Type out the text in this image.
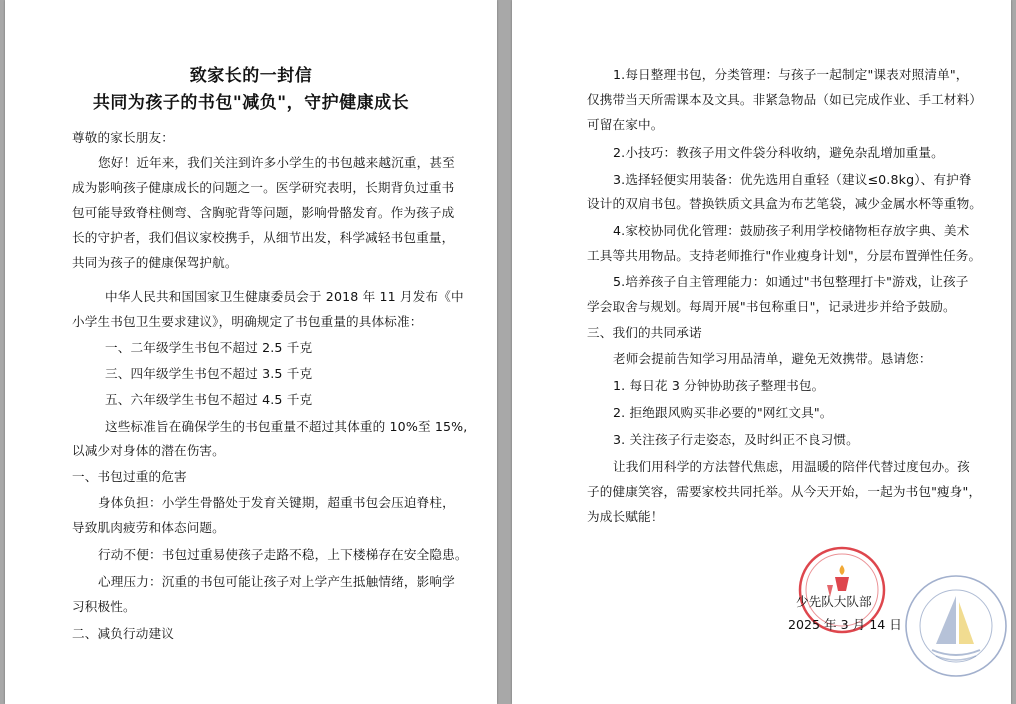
致家长的一封信
共同为孩子的书包"减负"，守护健康成长
尊敬的家长朋友：
您好！近年来，我们关注到许多小学生的书包越来越沉重，甚至
成为影响孩子健康成长的问题之一。医学研究表明，长期背负过重书
包可能导致脊柱侧弯、含胸驼背等问题，影响骨骼发育。作为孩子成
长的守护者，我们倡议家校携手，从细节出发，科学减轻书包重量，
共同为孩子的健康保驾护航。
中华人民共和国国家卫生健康委员会于 2018 年 11 月发布《中
小学生书包卫生要求建议》，明确规定了书包重量的具体标准：
一、二年级学生书包不超过 2.5 千克
三、四年级学生书包不超过 3.5 千克
五、六年级学生书包不超过 4.5 千克
这些标准旨在确保学生的书包重量不超过其体重的 10%至 15%,
以减少对身体的潜在伤害。
一、书包过重的危害
身体负担：小学生骨骼处于发育关键期，超重书包会压迫脊柱，
导致肌肉疲劳和体态问题。
行动不便：书包过重易使孩子走路不稳，上下楼梯存在安全隐患。
心理压力：沉重的书包可能让孩子对上学产生抵触情绪，影响学
习积极性。
二、减负行动建议
1.每日整理书包，分类管理：与孩子一起制定"课表对照清单"，
仅携带当天所需课本及文具。非紧急物品（如已完成作业、手工材料）
可留在家中。
2.小技巧：教孩子用文件袋分科收纳，避免杂乱增加重量。
3.选择轻便实用装备：优先选用自重轻（建议≤0.8kg）、有护脊
设计的双肩书包。替换铁质文具盒为布艺笔袋，减少金属水杯等重物。
4.家校协同优化管理：鼓励孩子利用学校储物柜存放字典、美术
工具等共用物品。支持老师推行"作业瘦身计划"，分层布置弹性任务。
5.培养孩子自主管理能力：如通过"书包整理打卡"游戏，让孩子
学会取舍与规划。每周开展"书包称重日"，记录进步并给予鼓励。
三、我们的共同承诺
老师会提前告知学习用品清单，避免无效携带。恳请您：
1. 每日花 3 分钟协助孩子整理书包。
2. 拒绝跟风购买非必要的"网红文具"。
3. 关注孩子行走姿态，及时纠正不良习惯。
让我们用科学的方法替代焦虑，用温暖的陪伴代替过度包办。孩
子的健康笑容，需要家校共同托举。从今天开始，一起为书包"瘦身"，
为成长赋能！
少先队大队部
2025 年 3 月 14 日
